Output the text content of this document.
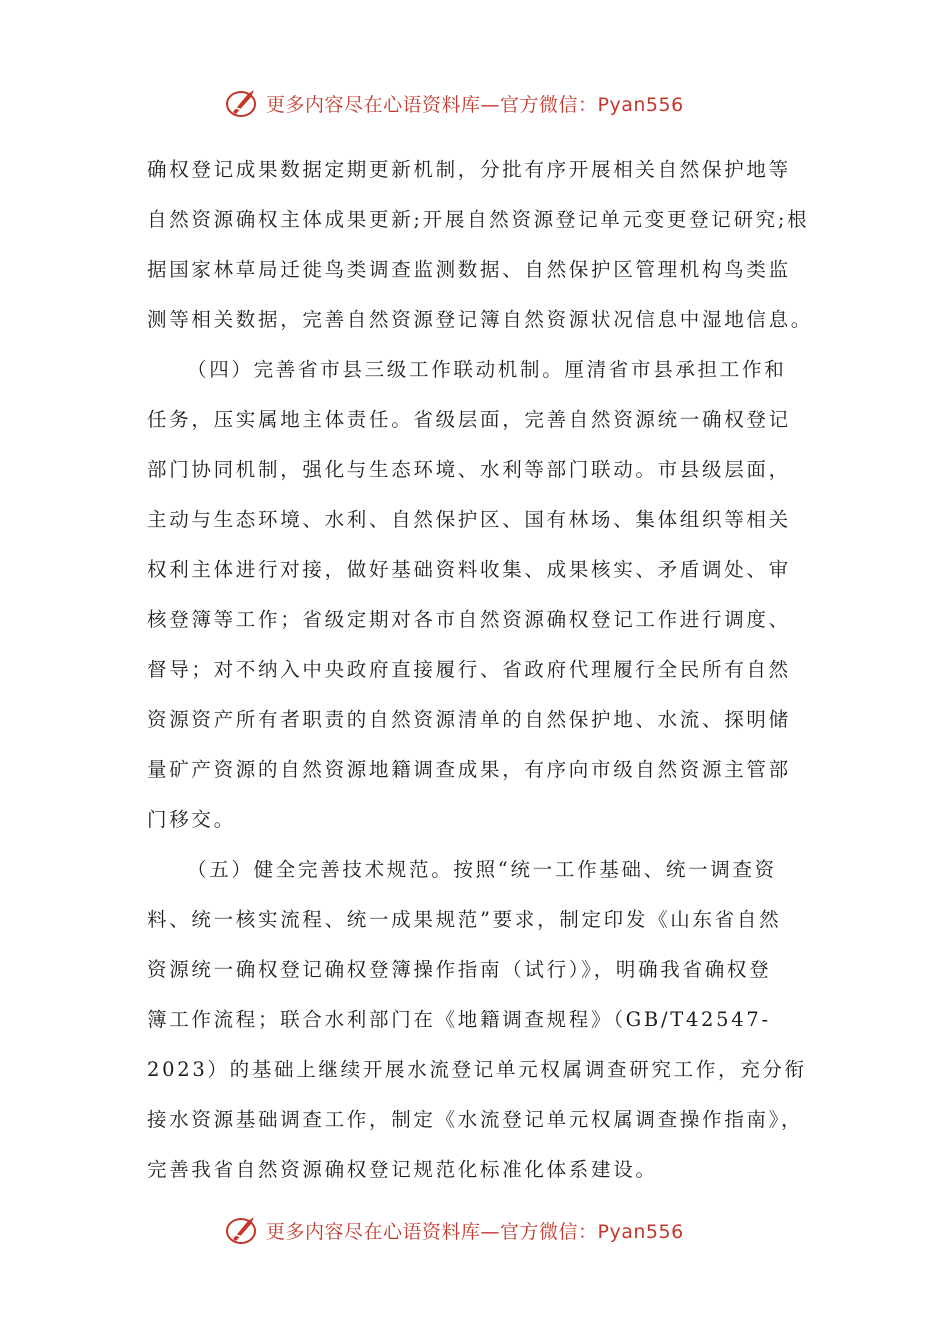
更多内容尽在心语资料库—官方微信：Pyan556
确权登记成果数据定期更新机制，分批有序开展相关自然保护地等
自然资源确权主体成果更新;开展自然资源登记单元变更登记研究;根
据国家林草局迁徙鸟类调查监测数据、自然保护区管理机构鸟类监
测等相关数据，完善自然资源登记簿自然资源状况信息中湿地信息。
（四）完善省市县三级工作联动机制。厘清省市县承担工作和
任务，压实属地主体责任。省级层面，完善自然资源统一确权登记
部门协同机制，强化与生态环境、水利等部门联动。市县级层面，
主动与生态环境、水利、自然保护区、国有林场、集体组织等相关
权利主体进行对接，做好基础资料收集、成果核实、矛盾调处、审
核登簿等工作；省级定期对各市自然资源确权登记工作进行调度、
督导；对不纳入中央政府直接履行、省政府代理履行全民所有自然
资源资产所有者职责的自然资源清单的自然保护地、水流、探明储
量矿产资源的自然资源地籍调查成果，有序向市级自然资源主管部
门移交。
（五）健全完善技术规范。按照“统一工作基础、统一调查资
料、统一核实流程、统一成果规范”要求，制定印发《山东省自然
资源统一确权登记确权登簿操作指南（试行）》，明确我省确权登
簿工作流程；联合水利部门在《地籍调查规程》（GB/T42547-
2023）的基础上继续开展水流登记单元权属调查研究工作，充分衔
接水资源基础调查工作，制定《水流登记单元权属调查操作指南》，
完善我省自然资源确权登记规范化标准化体系建设。
更多内容尽在心语资料库—官方微信：Pyan556
